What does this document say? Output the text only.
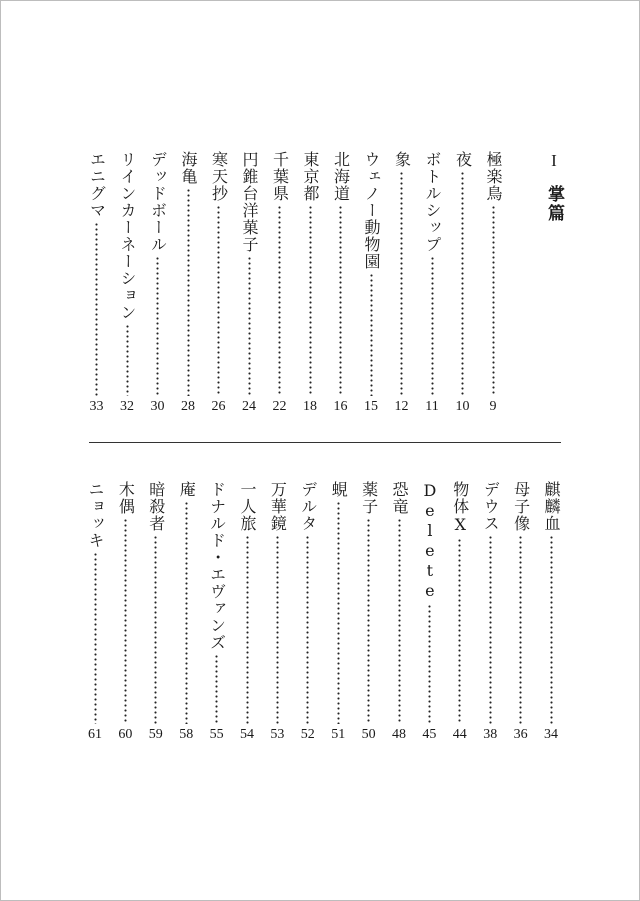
I
掌篇
極楽鳥
9
夜
10
ボトルシップ
11
象
12
ウェノー動物園
15
北海道
16
東京都
18
千葉県
22
円錐台洋菓子
24
寒天抄
26
海亀
28
デッドボール
30
リインカーネーション
32
エニグマ
33
麒麟血
34
母子像
36
デウス
38
物体X
44
Delete
45
恐竜
48
薬子
50
蜆
51
デルタ
52
万華鏡
53
一人旅
54
ドナルド・エヴァンズ
55
庵
58
暗殺者
59
木偶
60
ニョッキ
61
